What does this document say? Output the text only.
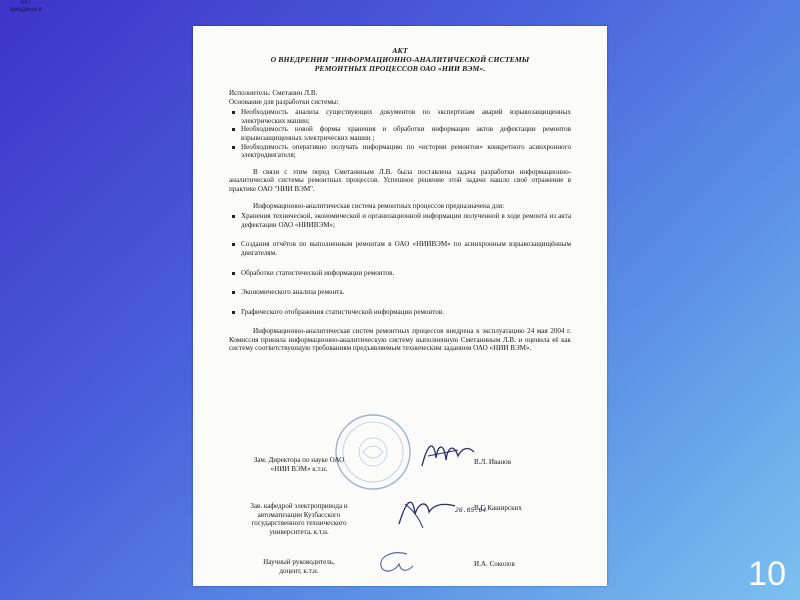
АКТ внедрени я
АКТ
О ВНЕДРЕНИИ "ИНФОРМАЦИОННО-АНАЛИТИЧЕСКОЙ СИСТЕМЫ
РЕМОНТНЫХ ПРОЦЕССОВ ОАО «НИИ ВЭМ».
Исполнитель: Сметанин Л.В.
Основание для разработки системы:
Необходимость анализа существующих документов по экспертизам аварий взрывозащищенных электрических машин;
Необходимость новой формы хранения и обработки информации актов дефектации ремонтов взрывозащищенных электрических машин ;
Необходимость оперативно получать информацию по «истории ремонтов» конкретного асинхронного электродвигателя;

В связи с этим перед Сметаниным Л.В. была поставлена задача разработки информационно-аналитической системы ремонтных процессов. Успешное решение этой задачи нашло своё отражение в практике ОАО "НИИ ВЭМ".

Информационно-аналитическая система ремонтных процессов предназначена для:

Хранения технической, экономической и организационной информации полученной в ходе ремонта из акта дефектации ОАО «НИИВЭМ»;
Создания отчётов по выполненным ремонтам в ОАО «НИИВЭМ» по асинхронным взрывозащищённым двигателям.
Обработки статистической информации ремонтов.
Экономического анализа ремонта.
Графического отображения статистической информации ремонтов.

Информационно-аналитическая систем ремонтных процессов внедрена в эксплуатацию 24 мая 2004 г. Комиссия приняла информационно-аналитическую систему выполненную Сметаниным Л.В. и оценила её как систему соответствующую требованиям предъявляемым техническим заданием ОАО «НИИ ВЭМ».

26.05.04
Зам. Директора по науке ОАО
«НИИ ВЭМ» к.т.н.
В.Л. Иванов
Зав. кафедрой электропривода и
автоматизации Кузбасского
государственного технического
университета, к.т.н.
В.Г. Каширских
Научный руководитель,
доцент, к.т.н.
И.А. Соколов	10
